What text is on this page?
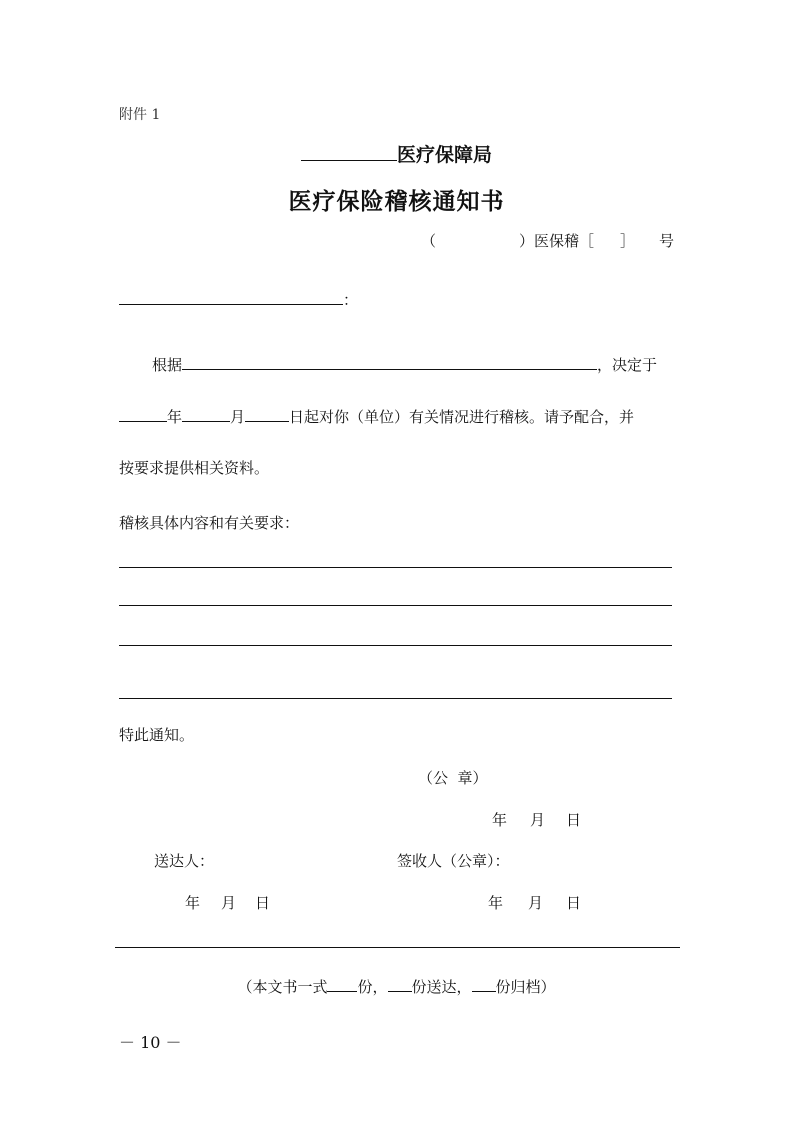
附件 1
医疗保障局
医疗保险稽核通知书
（	）医保稽［ ］ 号
：
根据	，决定于
年	月	日起对你（单位）有关情况进行稽核。请予配合，并
按要求提供相关资料。
稽核具体内容和有关要求：
特此通知。
（公  章）
年 月 日
送达人：	签收人（公章）：
年 月 日	年 月 日
（本文书一式 份， 份送达， 份归档）
－ 10 －
